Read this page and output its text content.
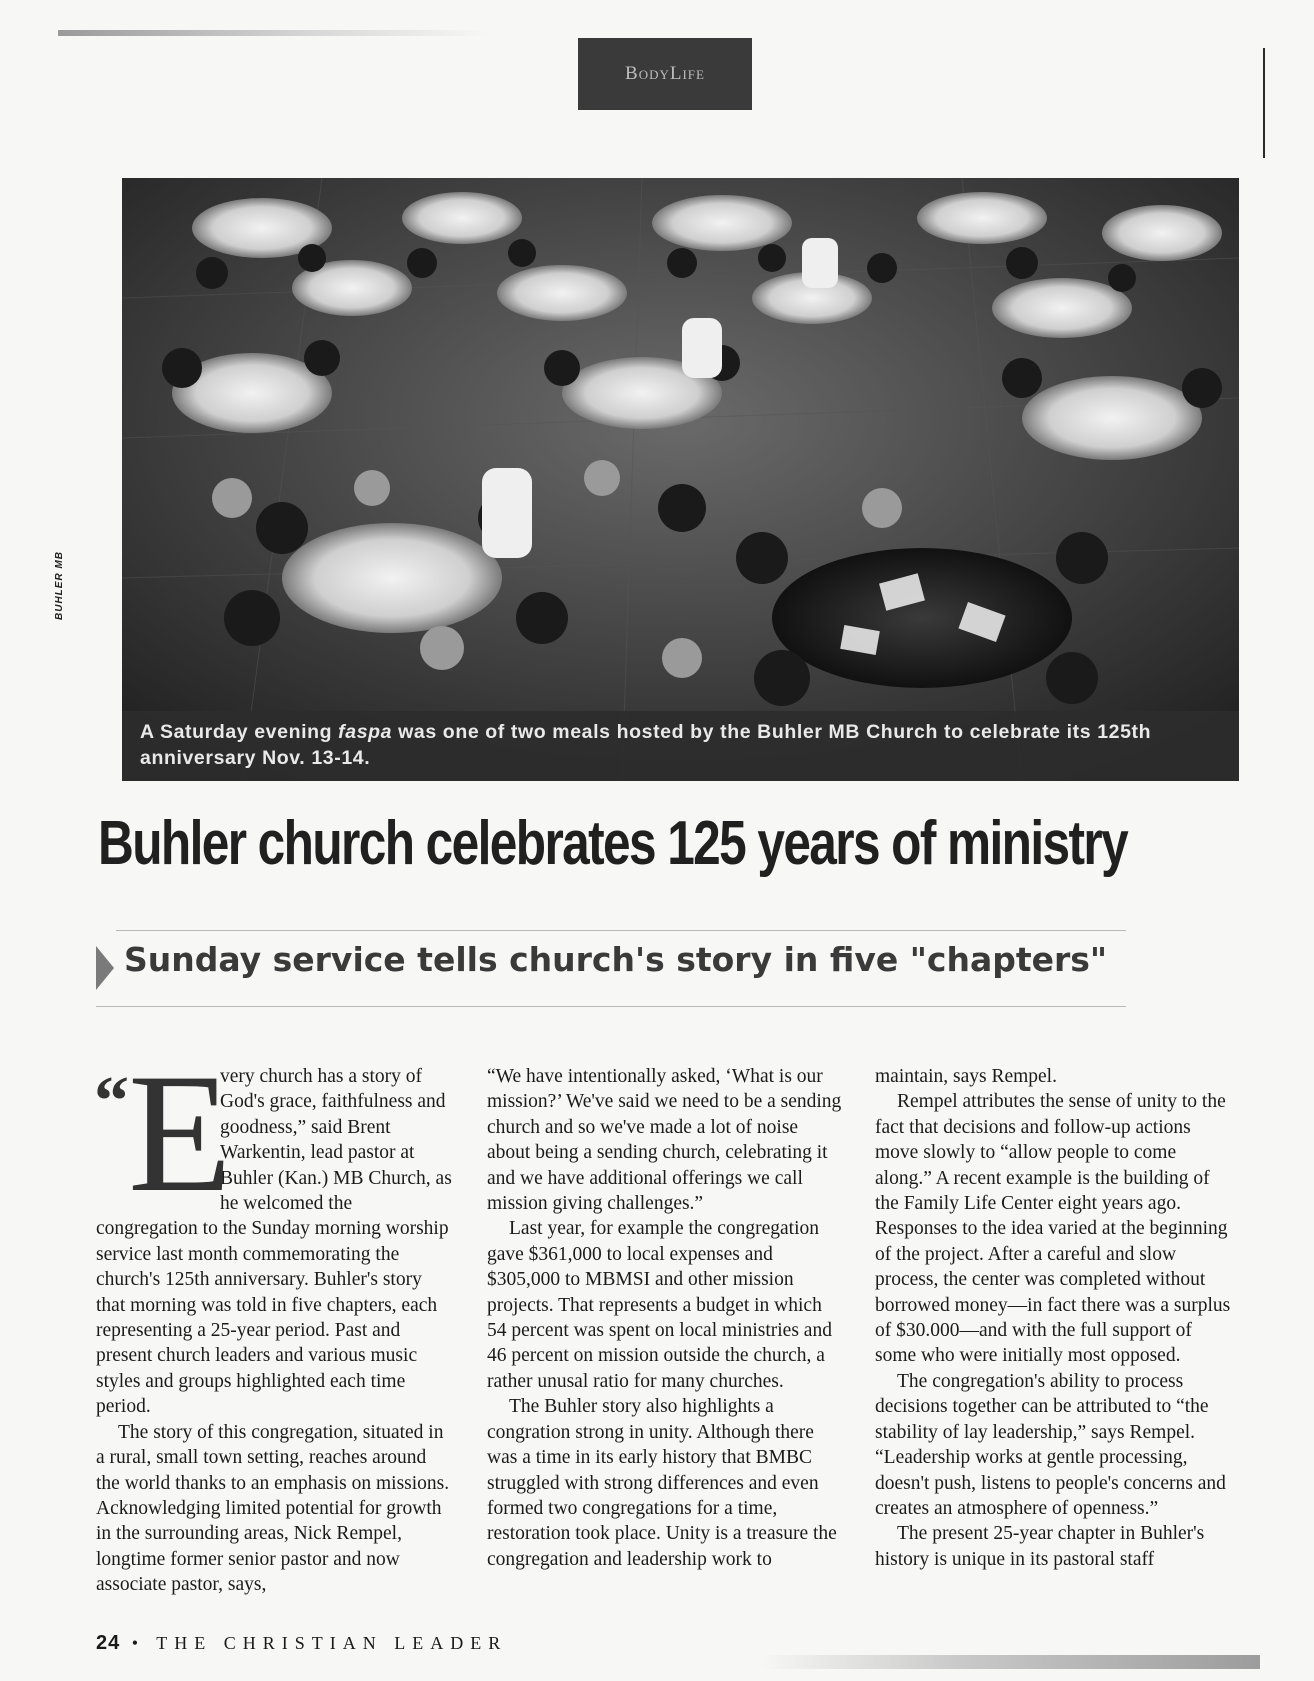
BodyLife
BUHLER MB

A Saturday evening faspa was one of two meals hosted by the Buhler MB Church to celebrate its 125th anniversary Nov. 13-14.

Buhler church celebrates 125 years of ministry
Sunday service tells church's story in five "chapters"
“ E

very church has a story of God's grace, faithfulness and goodness,” said Brent Warkentin, lead pastor at Buhler (Kan.) MB Church, as he welcomed the congregation to the Sunday morning worship service last month commemorating the church's 125th anniversary. Buhler's story that morning was told in five chapters, each representing a 25-year period. Past and present church leaders and various music styles and groups highlighted each time period.

The story of this congregation, situated in a rural, small town setting, reaches around the world thanks to an emphasis on missions. Acknowledging limited potential for growth in the surrounding areas, Nick Rempel, longtime former senior pastor and now associate pastor, says,

“We have intentionally asked, ‘What is our mission?’ We've said we need to be a sending church and so we've made a lot of noise about being a sending church, celebrating it and we have additional offerings we call mission giving challenges.”

Last year, for example the congregation gave $361,000 to local expenses and $305,000 to MBMSI and other mission projects. That represents a budget in which 54 percent was spent on local ministries and 46 percent on mission outside the church, a rather unusal ratio for many churches.

The Buhler story also highlights a congration strong in unity. Although there was a time in its early history that BMBC struggled with strong differences and even formed two congregations for a time, restoration took place. Unity is a treasure the congregation and leadership work to

maintain, says Rempel.

Rempel attributes the sense of unity to the fact that decisions and follow-up actions move slowly to “allow people to come along.” A recent example is the building of the Family Life Center eight years ago. Responses to the idea varied at the beginning of the project. After a careful and slow process, the center was completed without borrowed money—in fact there was a surplus of $30.000—and with the full support of some who were initially most opposed.

The congregation's ability to process decisions together can be attributed to “the stability of lay leadership,” says Rempel. “Leadership works at gentle processing, doesn't push, listens to people's concerns and creates an atmosphere of openness.”

The present 25-year chapter in Buhler's history is unique in its pastoral staff

24 • THE CHRISTIAN LEADER
